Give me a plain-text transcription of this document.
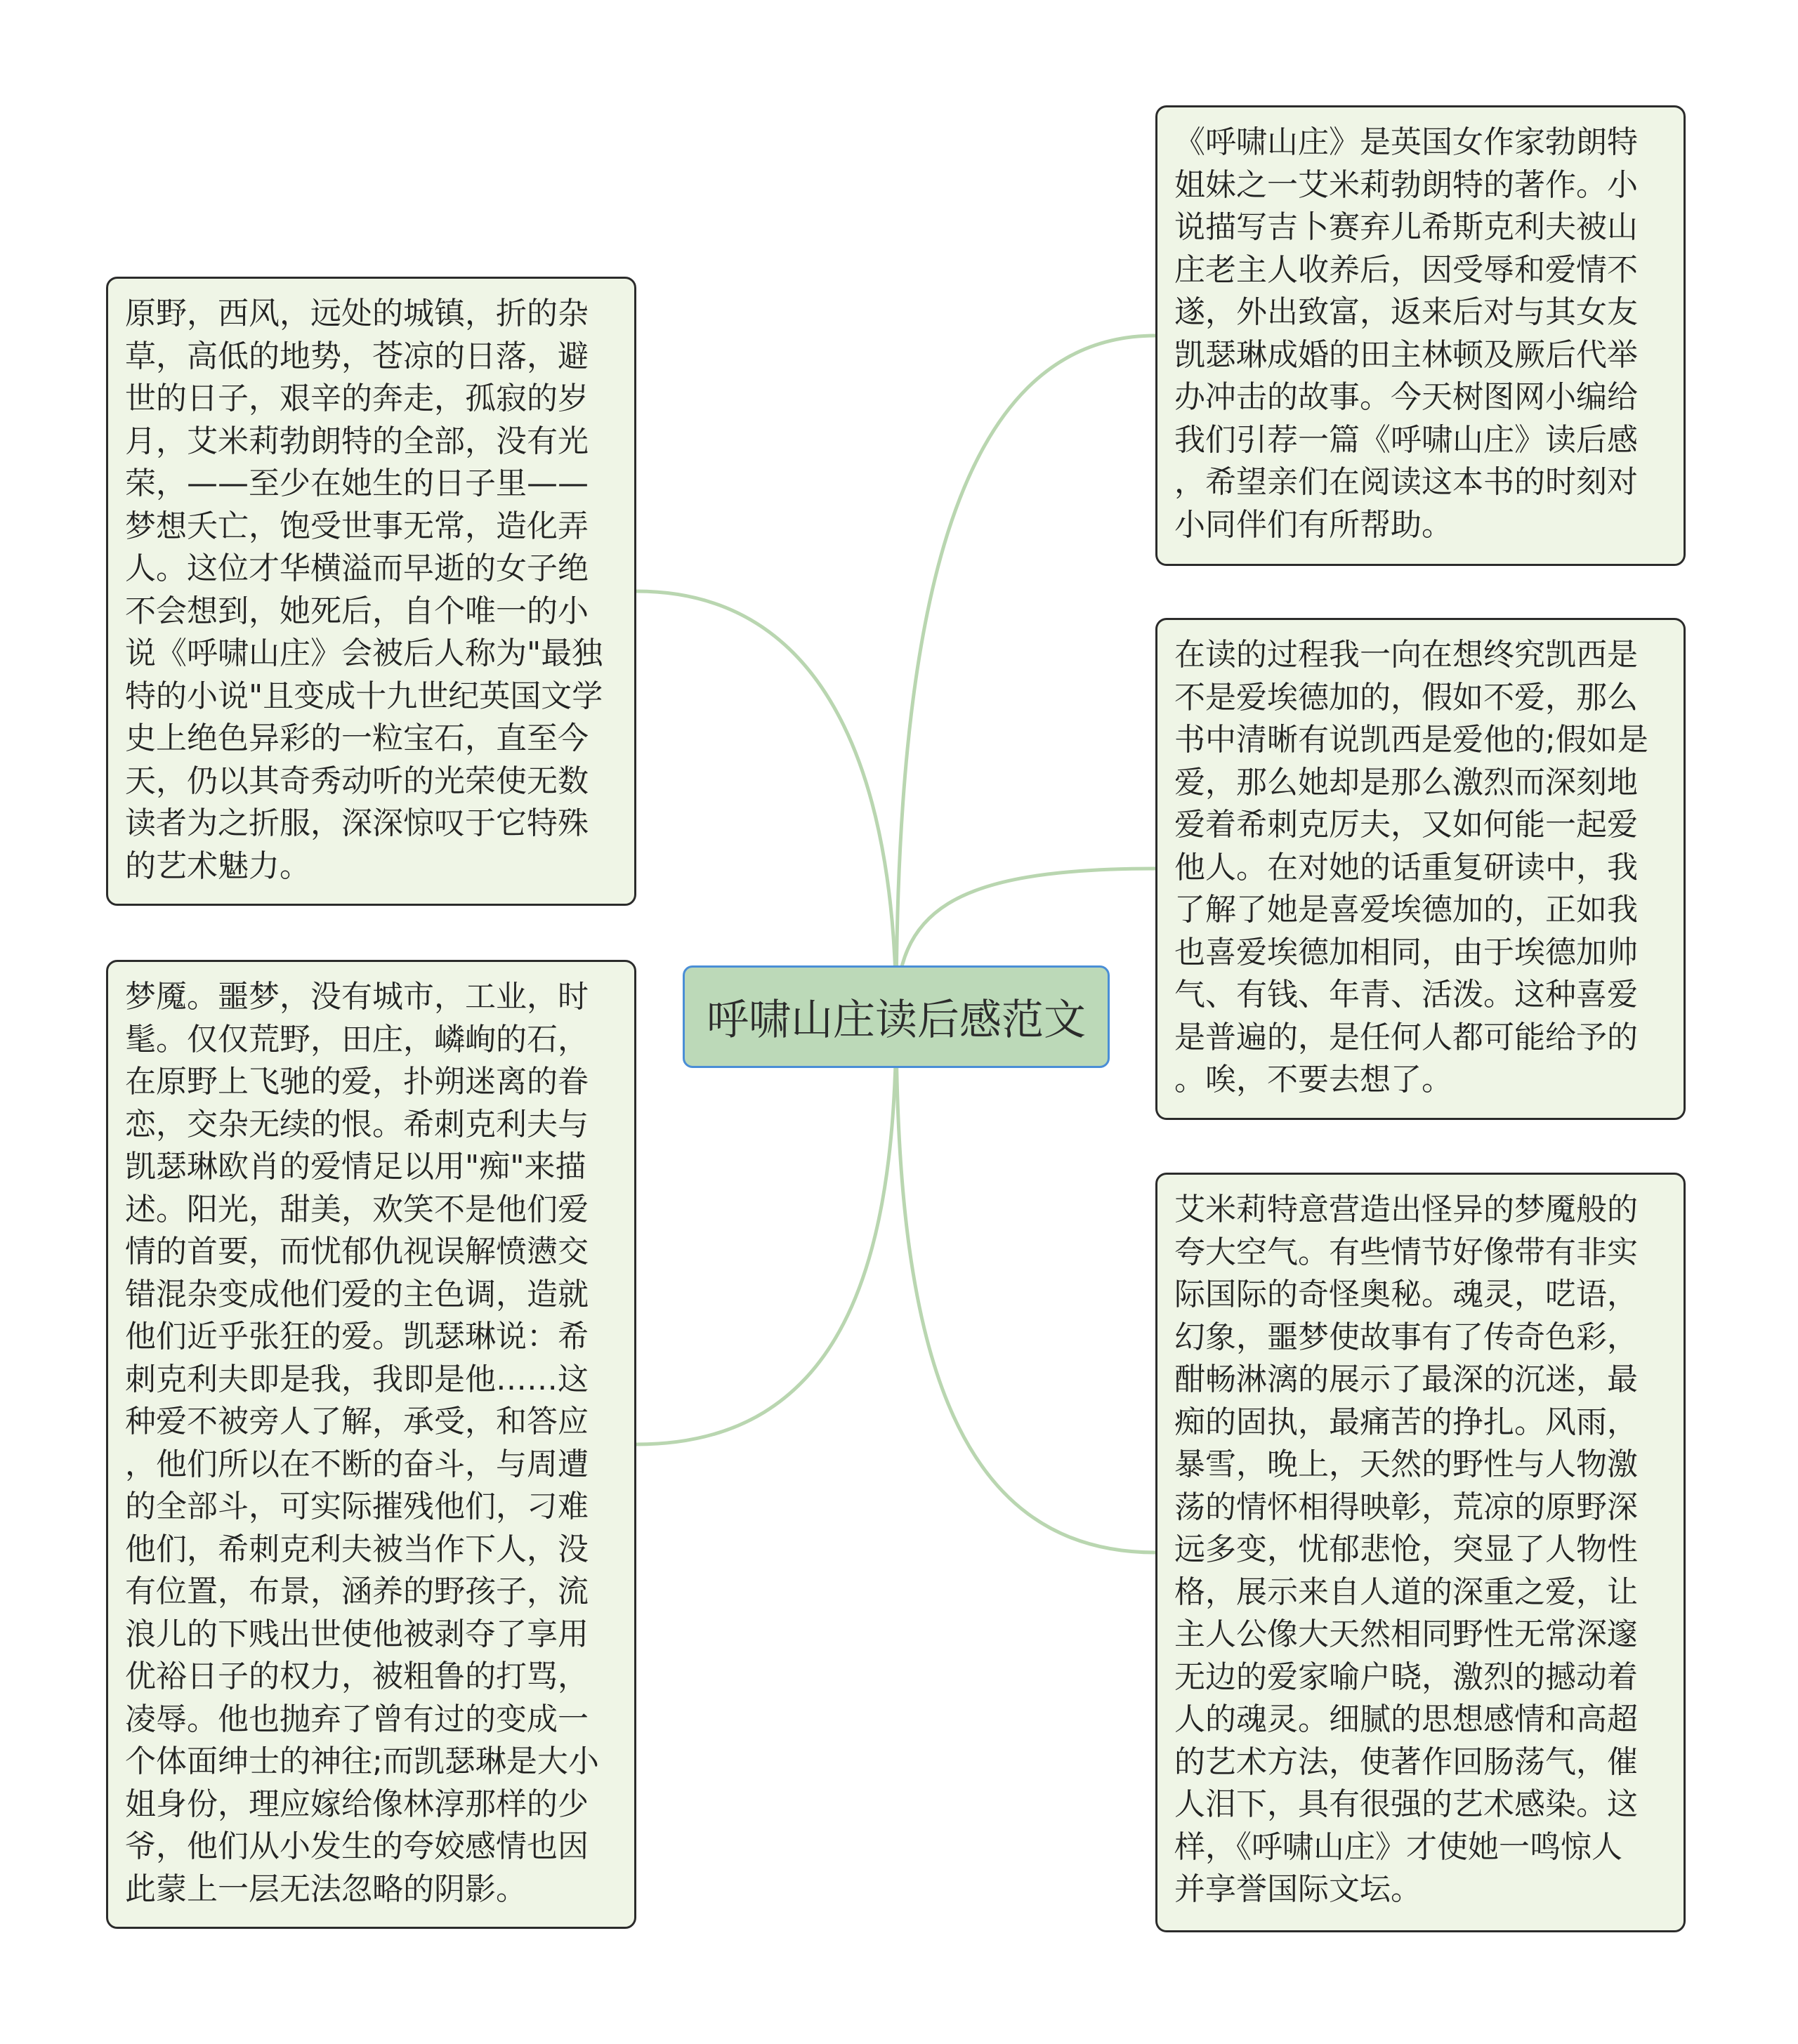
呼啸山庄读后感范文
原野，西风，远处的城镇，折的杂
草，高低的地势，苍凉的日落，避
世的日子，艰辛的奔走，孤寂的岁
月，艾米莉勃朗特的全部，没有光
荣，——至少在她生的日子里——
梦想夭亡，饱受世事无常，造化弄
人。这位才华横溢而早逝的女子绝
不会想到，她死后，自个唯一的小
说《呼啸山庄》会被后人称为"最独
特的小说"且变成十九世纪英国文学
史上绝色异彩的一粒宝石，直至今
天，仍以其奇秀动听的光荣使无数
读者为之折服，深深惊叹于它特殊
的艺术魅力。
梦魇。噩梦，没有城市，工业，时
髦。仅仅荒野，田庄，嶙峋的石，
在原野上飞驰的爱，扑朔迷离的眷
恋，交杂无续的恨。希刺克利夫与
凯瑟琳欧肖的爱情足以用"痴"来描
述。阳光，甜美，欢笑不是他们爱
情的首要，而忧郁仇视误解愤懑交
错混杂变成他们爱的主色调，造就
他们近乎张狂的爱。凯瑟琳说：希
刺克利夫即是我，我即是他……这
种爱不被旁人了解，承受，和答应
，他们所以在不断的奋斗，与周遭
的全部斗，可实际摧残他们，刁难
他们，希刺克利夫被当作下人，没
有位置，布景，涵养的野孩子，流
浪儿的下贱出世使他被剥夺了享用
优裕日子的权力，被粗鲁的打骂，
凌辱。他也抛弃了曾有过的变成一
个体面绅士的神往;而凯瑟琳是大小
姐身份，理应嫁给像林淳那样的少
爷，他们从小发生的夸姣感情也因
此蒙上一层无法忽略的阴影。
《呼啸山庄》是英国女作家勃朗特
姐妹之一艾米莉勃朗特的著作。小
说描写吉卜赛弃儿希斯克利夫被山
庄老主人收养后，因受辱和爱情不
遂，外出致富，返来后对与其女友
凯瑟琳成婚的田主林顿及厥后代举
办冲击的故事。今天树图网小编给
我们引荐一篇《呼啸山庄》读后感
，希望亲们在阅读这本书的时刻对
小同伴们有所帮助。
在读的过程我一向在想终究凯西是
不是爱埃德加的，假如不爱，那么
书中清晰有说凯西是爱他的;假如是
爱，那么她却是那么激烈而深刻地
爱着希刺克厉夫，又如何能一起爱
他人。在对她的话重复研读中，我
了解了她是喜爱埃德加的，正如我
也喜爱埃德加相同，由于埃德加帅
气、有钱、年青、活泼。这种喜爱
是普遍的，是任何人都可能给予的
。唉，不要去想了。
艾米莉特意营造出怪异的梦魇般的
夸大空气。有些情节好像带有非实
际国际的奇怪奥秘。魂灵，呓语，
幻象，噩梦使故事有了传奇色彩，
酣畅淋漓的展示了最深的沉迷，最
痴的固执，最痛苦的挣扎。风雨，
暴雪，晚上，天然的野性与人物激
荡的情怀相得映彰，荒凉的原野深
远多变，忧郁悲怆，突显了人物性
格，展示来自人道的深重之爱，让
主人公像大天然相同野性无常深邃
无边的爱家喻户晓，激烈的撼动着
人的魂灵。细腻的思想感情和高超
的艺术方法，使著作回肠荡气，催
人泪下，具有很强的艺术感染。这
样，《呼啸山庄》才使她一鸣惊人
并享誉国际文坛。
